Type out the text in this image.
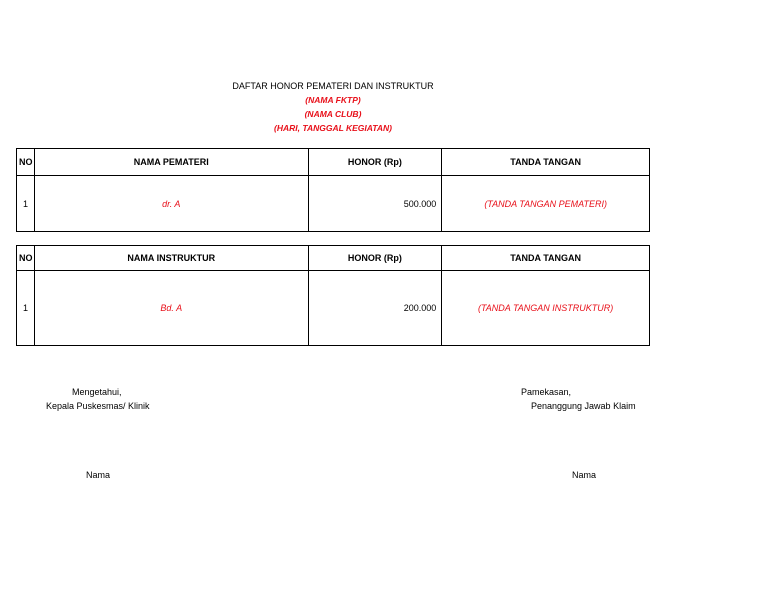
DAFTAR HONOR PEMATERI DAN INSTRUKTUR
(NAMA FKTP)
(NAMA CLUB)
(HARI, TANGGAL KEGIATAN)
NO	NAMA PEMATERI	HONOR (Rp)	TANDA TANGAN
1	dr. A	500.000	(TANDA TANGAN PEMATERI)
NO	NAMA INSTRUKTUR	HONOR (Rp)	TANDA TANGAN
1	Bd. A	200.000	(TANDA TANGAN INSTRUKTUR)
Mengetahui,
Kepala Puskesmas/ Klinik
Nama
Pamekasan,
Penanggung Jawab Klaim
Nama
